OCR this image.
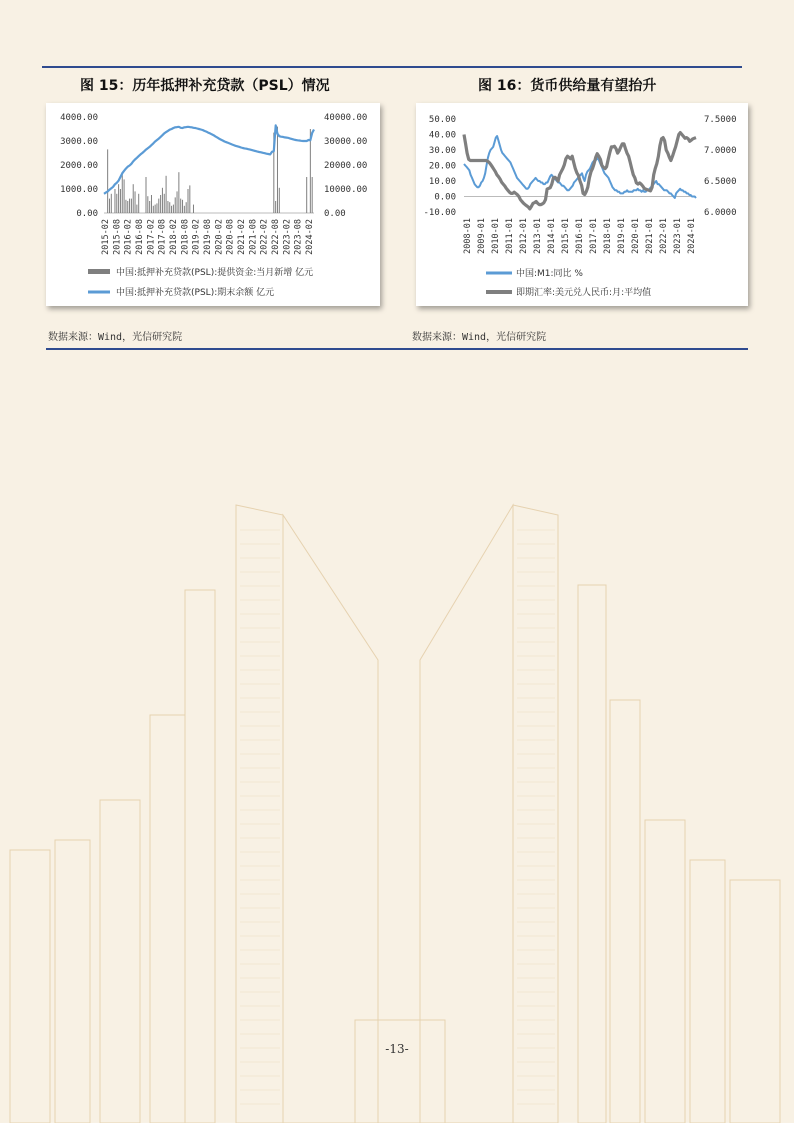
图 15：历年抵押补充贷款（PSL）情况
4000.00
3000.00
2000.00
1000.00
0.00
40000.00
30000.00
20000.00
10000.00
0.00
2015-02 2015-08 2016-02 2016-08 2017-02 2017-08 2018-02 2018-08 2019-02 2019-08 2020-02 2020-08 2021-02 2021-08 2022-02 2022-08 2023-02 2023-08 2024-02
中国:抵押补充贷款(PSL):提供资金:当月新增 亿元
中国:抵押补充贷款(PSL):期末余额 亿元
数据来源：Wind，光信研究院
图 16：货币供给量有望抬升
50.00
40.00
30.00
20.00
10.00
0.00
-10.00
7.5000
7.0000
6.5000
6.0000
2008-01 2009-01 2010-01 2011-01 2012-01 2013-01 2014-01 2015-01 2016-01 2017-01 2018-01 2019-01 2020-01 2021-01 2022-01 2023-01 2024-01
中国:M1:同比 %
即期汇率:美元兑人民币:月:平均值
数据来源：Wind，光信研究院
-13-
